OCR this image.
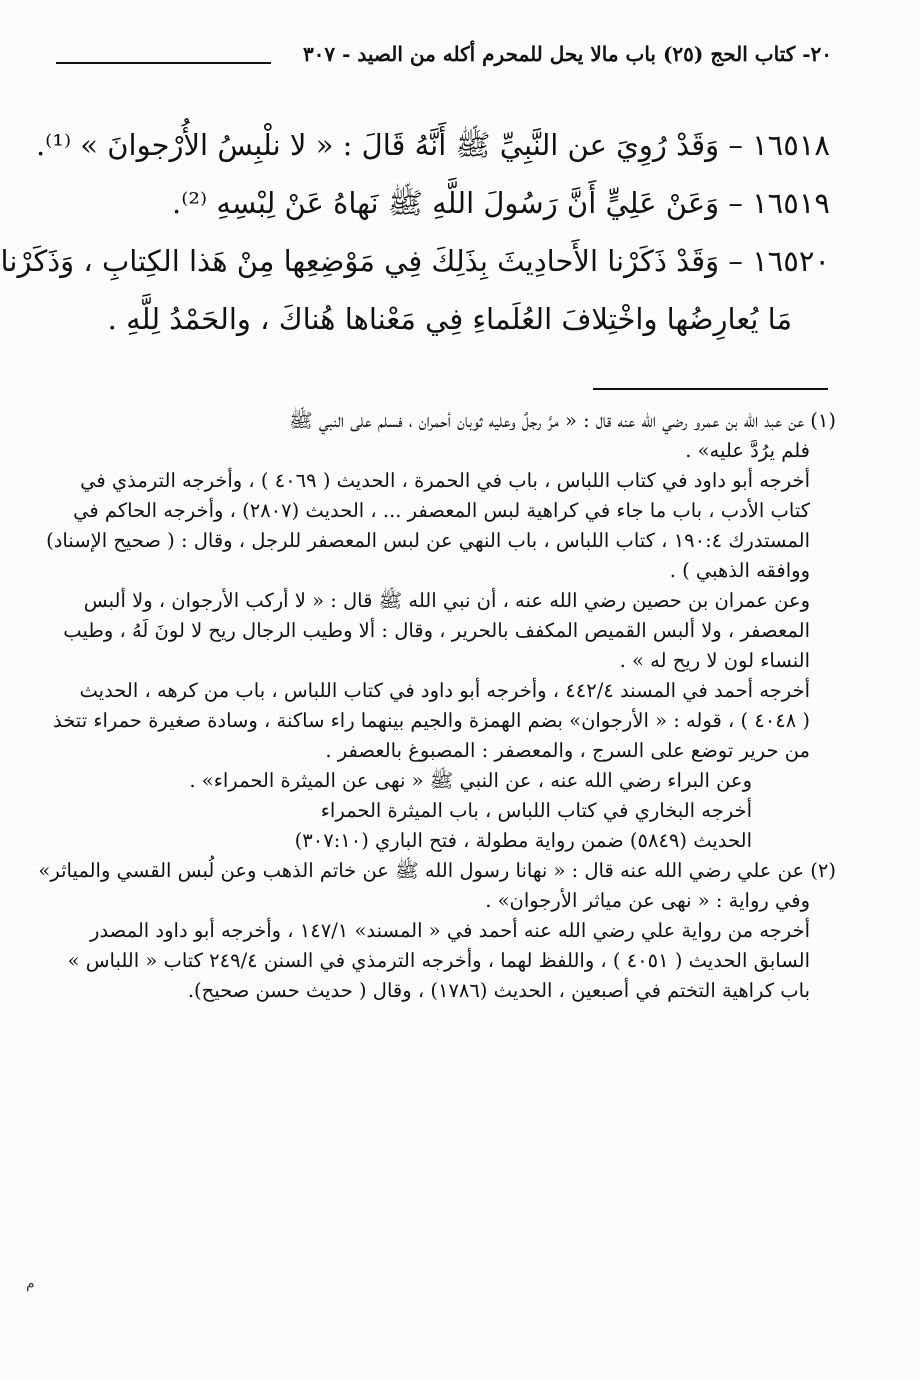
٢٠- كتاب الحج (٢٥) باب مالا يحل للمحرم أكله من الصيد - ٣٠٧
١٦٥١٨ – وَقَدْ رُوِيَ عن النَّبِيِّ ﷺ أَنَّهُ قَالَ : « لا نلْبِسُ الأُرْجوانَ » ⁽¹⁾.
١٦٥١٩ – وَعَنْ عَلِيٍّ أَنَّ رَسُولَ اللَّهِ ﷺ نَهاهُ عَنْ لِبْسِهِ ⁽²⁾.
١٦٥٢٠ – وَقَدْ ذَكَرْنا الأَحادِيثَ بِذَلِكَ فِي مَوْضِعِها مِنْ هَذا الكِتابِ ، وَذَكَرْنا
مَا يُعارِضُها واخْتِلافَ العُلَماءِ فِي مَعْناها هُناكَ ، والحَمْدُ لِلَّهِ .
(١) عن عبد الله بن عمرو رضي الله عنه قال : « مرَّ رجلٌ وعليه ثوبان أحمران ، فسلم على النبي ﷺ
فلم يرُدَّ عليه» .
أخرجه أبو داود في كتاب اللباس ، باب في الحمرة ، الحديث ( ٤٠٦٩ ) ، وأخرجه الترمذي في
كتاب الأدب ، باب ما جاء في كراهية لبس المعصفر ... ، الحديث (٢٨٠٧) ، وأخرجه الحاكم في
المستدرك ١٩٠:٤ ، كتاب اللباس ، باب النهي عن لبس المعصفر للرجل ، وقال : ( صحيح الإسناد)
ووافقه الذهبي ) .
وعن عمران بن حصين رضي الله عنه ، أن نبي الله ﷺ قال : « لا أركب الأرجوان ، ولا ألبس
المعصفر ، ولا ألبس القميص المكفف بالحرير ، وقال : ألا وطيب الرجال ريح لا لونَ لَهُ ، وطيب
النساء لون لا ريح له » .
أخرجه أحمد في المسند ٤٤٢/٤ ، وأخرجه أبو داود في كتاب اللباس ، باب من كرهه ، الحديث
( ٤٠٤٨ ) ، قوله : « الأرجوان» بضم الهمزة والجيم بينهما راء ساكنة ، وسادة صغيرة حمراء تتخذ
من حرير توضع على السرج ، والمعصفر : المصبوغ بالعصفر .
وعن البراء رضي الله عنه ، عن النبي ﷺ « نهى عن الميثرة الحمراء» .
أخرجه البخاري في كتاب اللباس ، باب الميثرة الحمراء
الحديث (٥٨٤٩) ضمن رواية مطولة ، فتح الباري (٣٠٧:١٠)
(٢) عن علي رضي الله عنه قال : « نهانا رسول الله ﷺ عن خاتم الذهب وعن لُبس القسي والمياثر»
وفي رواية : « نهى عن مياثر الأرجوان» .
أخرجه من رواية علي رضي الله عنه أحمد في « المسند» ١٤٧/١ ، وأخرجه أبو داود المصدر
السابق الحديث ( ٤٠٥١ ) ، واللفظ لهما ، وأخرجه الترمذي في السنن ٢٤٩/٤ كتاب « اللباس »
باب كراهية التختم في أصبعين ، الحديث (١٧٨٦) ، وقال ( حديث حسن صحيح).
م
